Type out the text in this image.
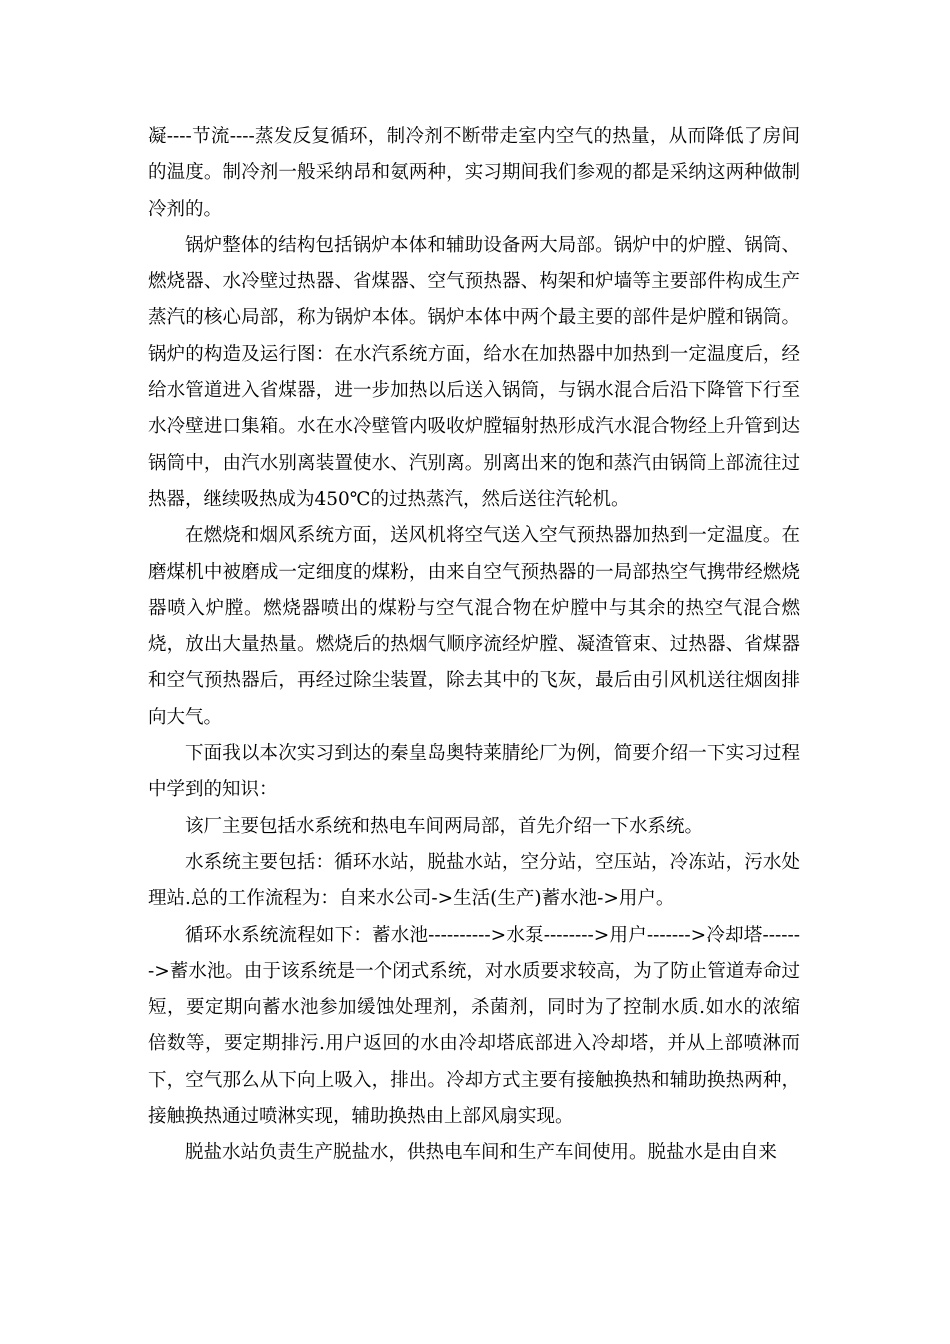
凝----节流----蒸发反复循环，制冷剂不断带走室内空气的热量，从而降低了房间的温度。制冷剂一般采纳昂和氨两种，实习期间我们参观的都是采纳这两种做制冷剂的。

锅炉整体的结构包括锅炉本体和辅助设备两大局部。锅炉中的炉膛、锅筒、燃烧器、水冷壁过热器、省煤器、空气预热器、构架和炉墙等主要部件构成生产蒸汽的核心局部，称为锅炉本体。锅炉本体中两个最主要的部件是炉膛和锅筒。锅炉的构造及运行图：在水汽系统方面，给水在加热器中加热到一定温度后，经给水管道进入省煤器，进一步加热以后送入锅筒，与锅水混合后沿下降管下行至水冷壁进口集箱。水在水冷壁管内吸收炉膛辐射热形成汽水混合物经上升管到达锅筒中，由汽水别离装置使水、汽别离。别离出来的饱和蒸汽由锅筒上部流往过热器，继续吸热成为450℃的过热蒸汽，然后送往汽轮机。

在燃烧和烟风系统方面，送风机将空气送入空气预热器加热到一定温度。在磨煤机中被磨成一定细度的煤粉，由来自空气预热器的一局部热空气携带经燃烧器喷入炉膛。燃烧器喷出的煤粉与空气混合物在炉膛中与其余的热空气混合燃烧，放出大量热量。燃烧后的热烟气顺序流经炉膛、凝渣管束、过热器、省煤器和空气预热器后，再经过除尘装置，除去其中的飞灰，最后由引风机送往烟囱排向大气。

下面我以本次实习到达的秦皇岛奥特莱腈纶厂为例，简要介绍一下实习过程中学到的知识：

该厂主要包括水系统和热电车间两局部，首先介绍一下水系统。

水系统主要包括：循环水站，脱盐水站，空分站，空压站，冷冻站，污水处理站.总的工作流程为：自来水公司->生活(生产)蓄水池->用户。

循环水系统流程如下：蓄水池---------->水泵-------->用户------->冷却塔------->蓄水池。由于该系统是一个闭式系统，对水质要求较高，为了防止管道寿命过短，要定期向蓄水池参加缓蚀处理剂，杀菌剂，同时为了控制水质.如水的浓缩倍数等，要定期排污.用户返回的水由冷却塔底部进入冷却塔，并从上部喷淋而下，空气那么从下向上吸入，排出。冷却方式主要有接触换热和辅助换热两种，接触换热通过喷淋实现，辅助换热由上部风扇实现。

脱盐水站负责生产脱盐水，供热电车间和生产车间使用。脱盐水是由自来
